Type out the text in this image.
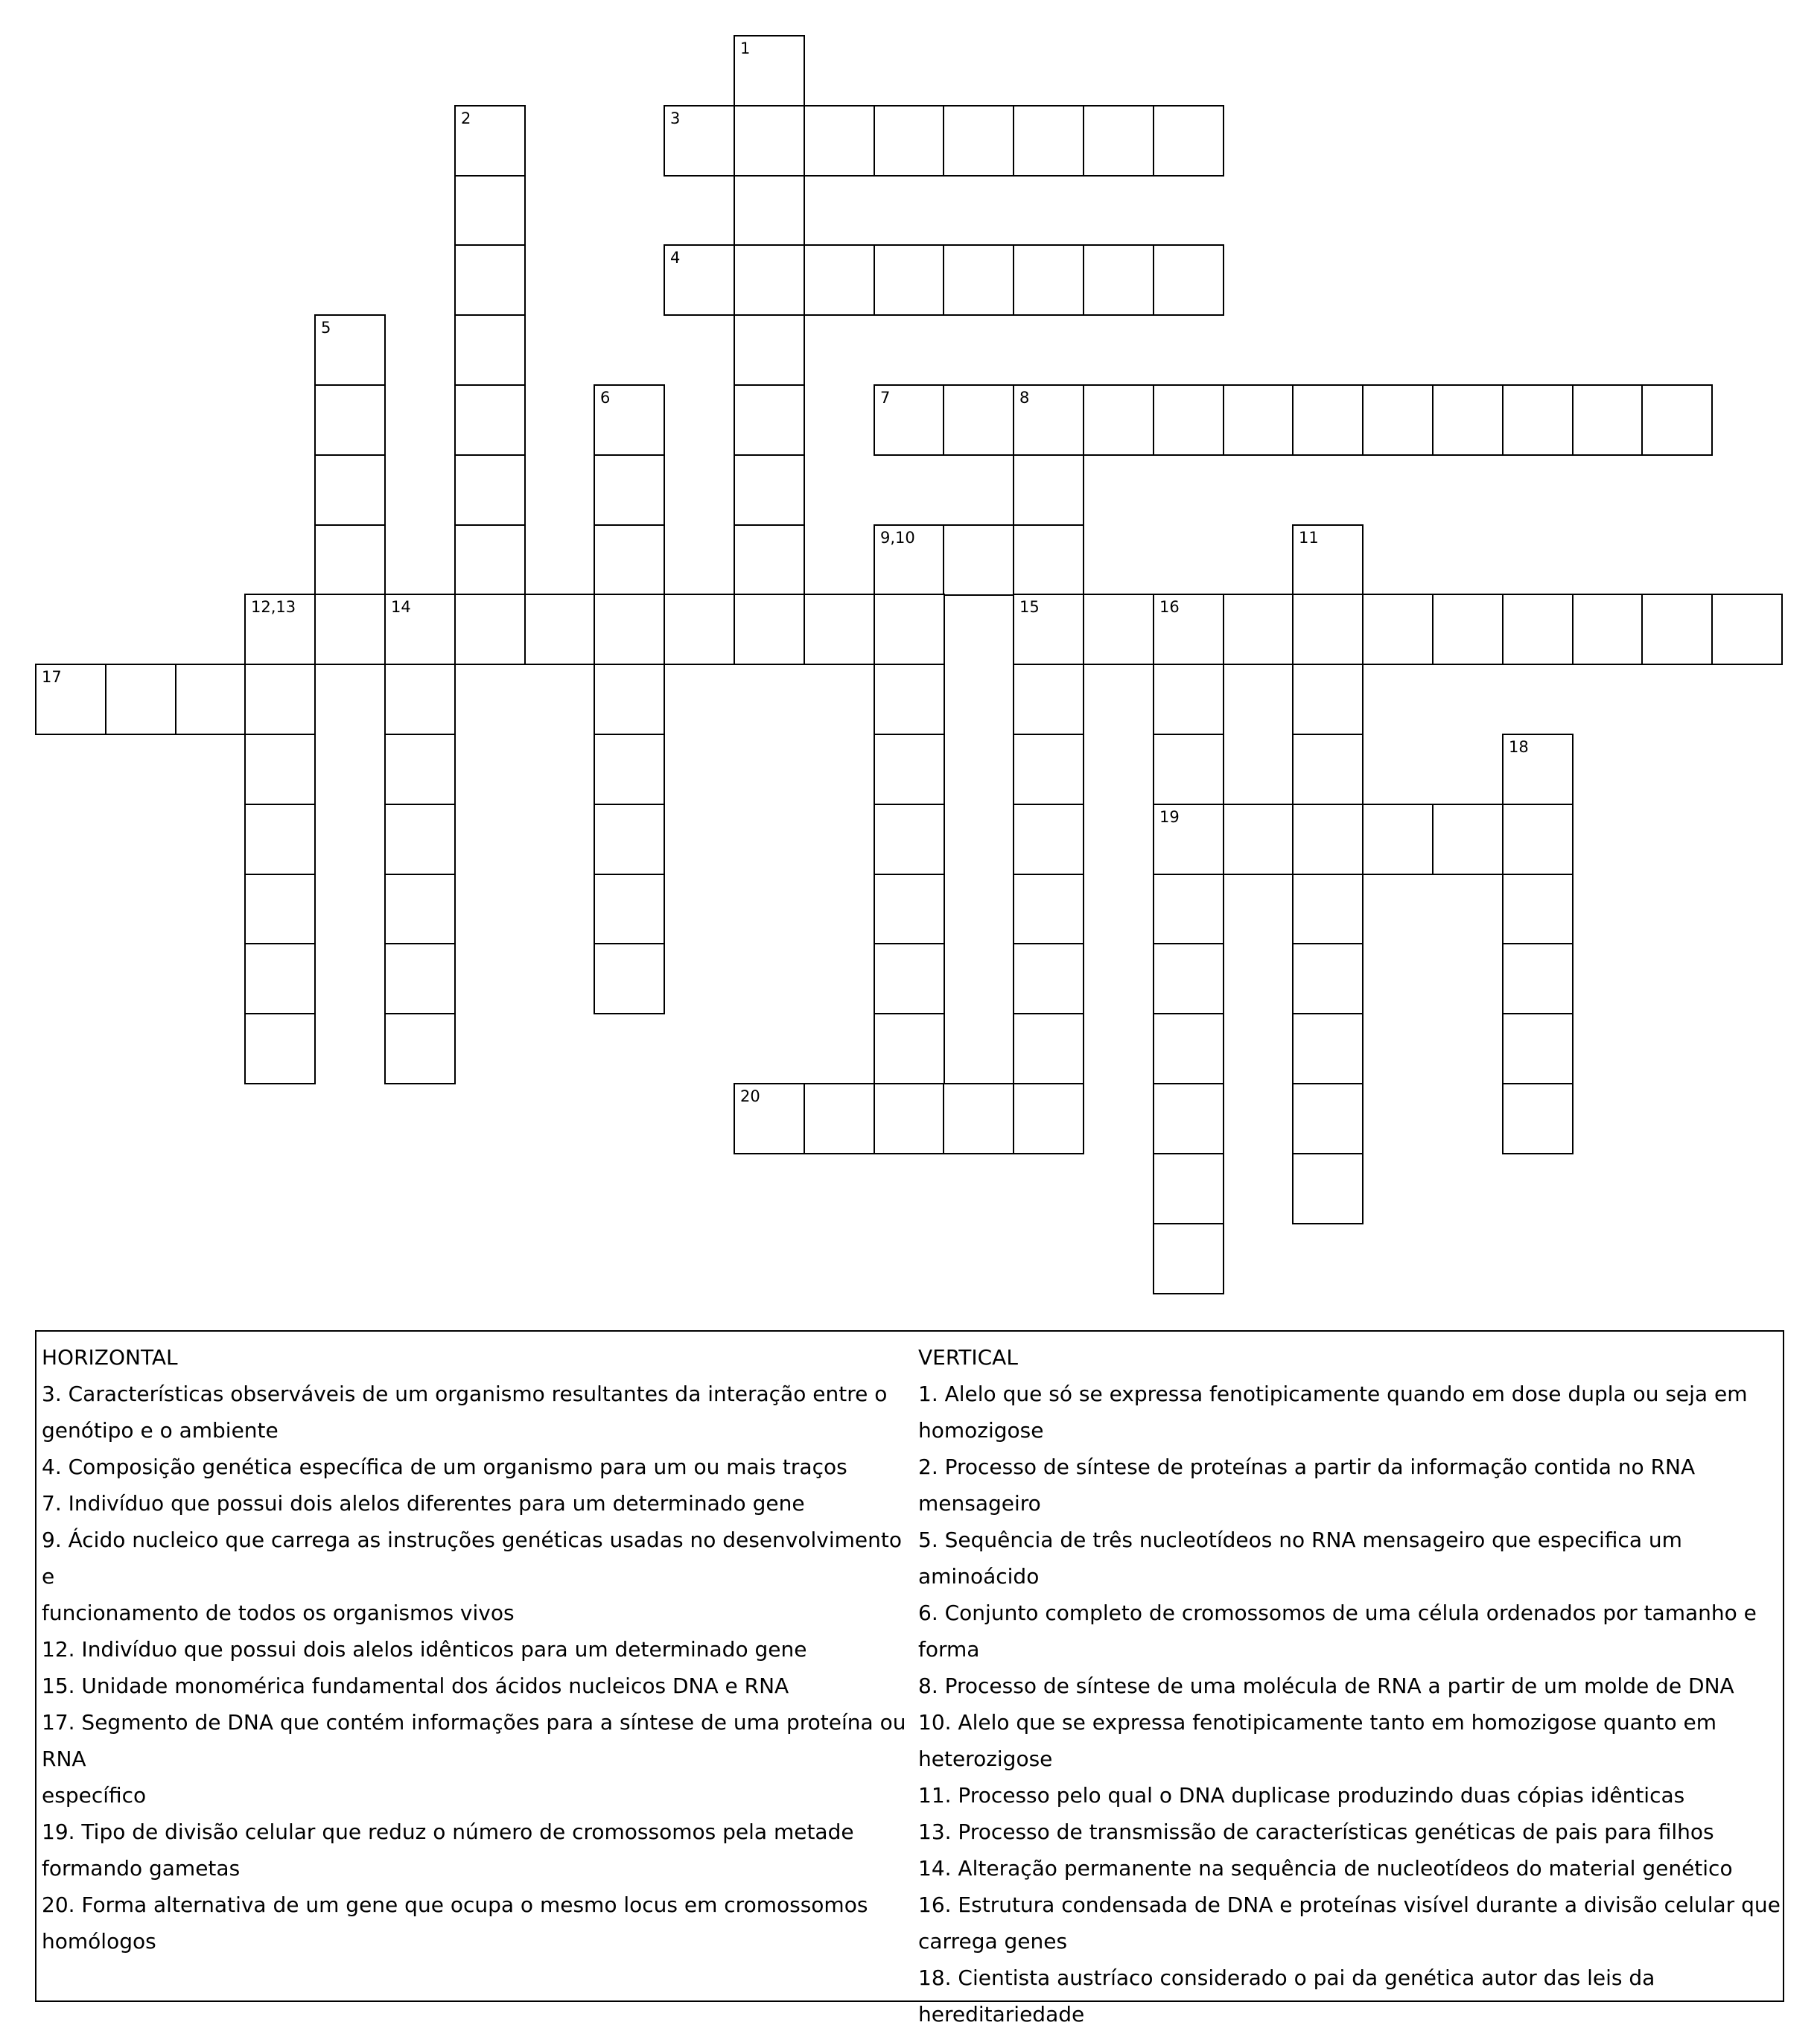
1
2	3
4
5
6	7	8
9,10	11
12,13	14	15	16
17
18
19
20
HORIZONTAL
3. Características observáveis de um organismo resultantes da interação entre o
genótipo e o ambiente
4. Composição genética específica de um organismo para um ou mais traços
7. Indivíduo que possui dois alelos diferentes para um determinado gene
9. Ácido nucleico que carrega as instruções genéticas usadas no desenvolvimento e
funcionamento de todos os organismos vivos
12. Indivíduo que possui dois alelos idênticos para um determinado gene
15. Unidade monomérica fundamental dos ácidos nucleicos DNA e RNA
17. Segmento de DNA que contém informações para a síntese de uma proteína ou RNA
específico
19. Tipo de divisão celular que reduz o número de cromossomos pela metade
formando gametas
20. Forma alternativa de um gene que ocupa o mesmo locus em cromossomos
homólogos
VERTICAL
1. Alelo que só se expressa fenotipicamente quando em dose dupla ou seja em
homozigose
2. Processo de síntese de proteínas a partir da informação contida no RNA
mensageiro
5. Sequência de três nucleotídeos no RNA mensageiro que especifica um aminoácido
6. Conjunto completo de cromossomos de uma célula ordenados por tamanho e forma
8. Processo de síntese de uma molécula de RNA a partir de um molde de DNA
10. Alelo que se expressa fenotipicamente tanto em homozigose quanto em
heterozigose
11. Processo pelo qual o DNA duplicase produzindo duas cópias idênticas
13. Processo de transmissão de características genéticas de pais para filhos
14. Alteração permanente na sequência de nucleotídeos do material genético
16. Estrutura condensada de DNA e proteínas visível durante a divisão celular que
carrega genes
18. Cientista austríaco considerado o pai da genética autor das leis da
hereditariedade
